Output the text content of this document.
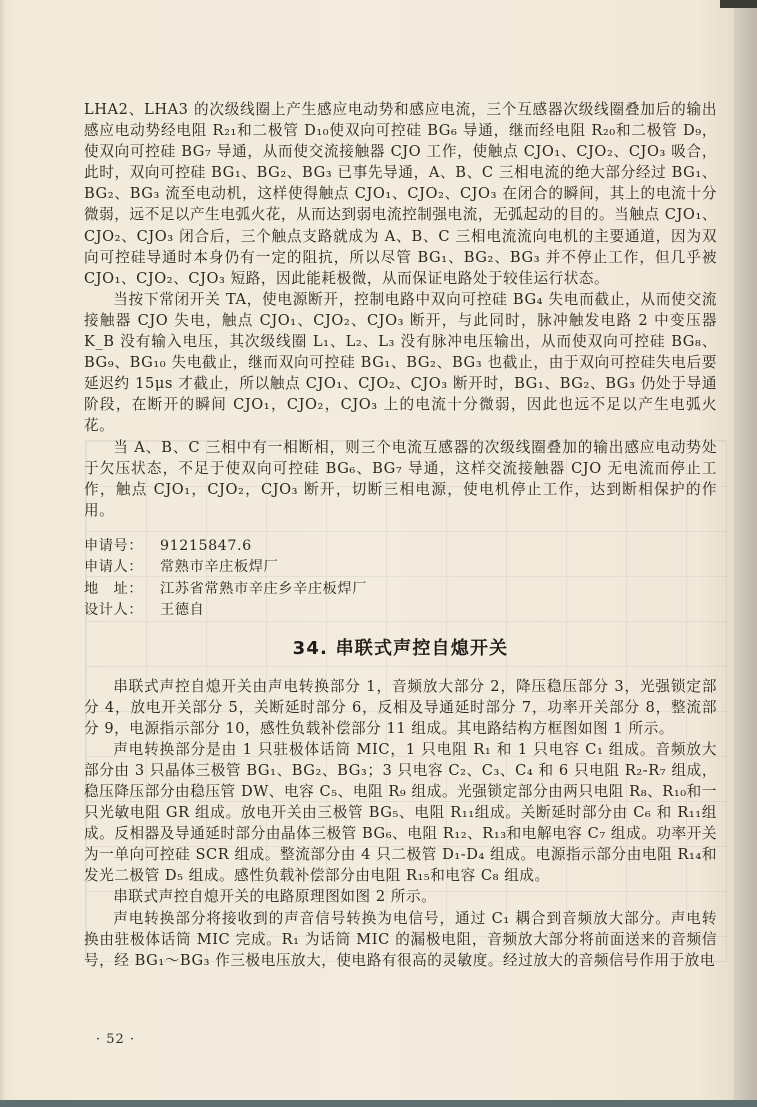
LHA2、LHA3 的次级线圈上产生感应电动势和感应电流，三个互感器次级线圈叠加后的输出感应电动势经电阻 R₂₁和二极管 D₁₀使双向可控硅 BG₆ 导通，继而经电阻 R₂₀和二极管 D₉，使双向可控硅 BG₇ 导通，从而使交流接触器 CJO 工作，使触点 CJO₁、CJO₂、CJO₃ 吸合，此时，双向可控硅 BG₁、BG₂、BG₃ 已事先导通，A、B、C 三相电流的绝大部分经过 BG₁、BG₂、BG₃ 流至电动机，这样使得触点 CJO₁、CJO₂、CJO₃ 在闭合的瞬间，其上的电流十分微弱，远不足以产生电弧火花，从而达到弱电流控制强电流，无弧起动的目的。当触点 CJO₁、CJO₂、CJO₃ 闭合后，三个触点支路就成为 A、B、C 三相电流流向电机的主要通道，因为双向可控硅导通时本身仍有一定的阻抗，所以尽管 BG₁、BG₂、BG₃ 并不停止工作，但几乎被 CJO₁、CJO₂、CJO₃ 短路，因此能耗极微，从而保证电路处于较佳运行状态。

当按下常闭开关 TA，使电源断开，控制电路中双向可控硅 BG₄ 失电而截止，从而使交流接触器 CJO 失电，触点 CJO₁、CJO₂、CJO₃ 断开，与此同时，脉冲触发电路 2 中变压器 K_B 没有输入电压，其次级线圈 L₁、L₂、L₃ 没有脉冲电压输出，从而使双向可控硅 BG₈、BG₉、BG₁₀ 失电截止，继而双向可控硅 BG₁、BG₂、BG₃ 也截止，由于双向可控硅失电后要延迟约 15μs 才截止，所以触点 CJO₁、CJO₂、CJO₃ 断开时，BG₁、BG₂、BG₃ 仍处于导通阶段，在断开的瞬间 CJO₁，CJO₂，CJO₃ 上的电流十分微弱，因此也远不足以产生电弧火花。

当 A、B、C 三相中有一相断相，则三个电流互感器的次级线圈叠加的输出感应电动势处于欠压状态，不足于使双向可控硅 BG₆、BG₇ 导通，这样交流接触器 CJO 无电流而停止工作，触点 CJO₁，CJO₂，CJO₃ 断开，切断三相电源，使电机停止工作，达到断相保护的作用。

申请号：	91215847.6
申请人：	常熟市辛庄板焊厂
地　址：	江苏省常熟市辛庄乡辛庄板焊厂
设计人：	王德自
34. 串联式声控自熄开关

串联式声控自熄开关由声电转换部分 1，音频放大部分 2，降压稳压部分 3，光强锁定部分 4，放电开关部分 5，关断延时部分 6，反相及导通延时部分 7，功率开关部分 8，整流部分 9，电源指示部分 10，感性负载补偿部分 11 组成。其电路结构方框图如图 1 所示。

声电转换部分是由 1 只驻极体话筒 MIC，1 只电阻 R₁ 和 1 只电容 C₁ 组成。音频放大部分由 3 只晶体三极管 BG₁、BG₂、BG₃；3 只电容 C₂、C₃、C₄ 和 6 只电阻 R₂-R₇ 组成，稳压降压部分由稳压管 DW、电容 C₅、电阻 R₉ 组成。光强锁定部分由两只电阻 R₈、R₁₀和一只光敏电阻 GR 组成。放电开关由三极管 BG₅、电阻 R₁₁组成。关断延时部分由 C₆ 和 R₁₁组成。反相器及导通延时部分由晶体三极管 BG₆、电阻 R₁₂、R₁₃和电解电容 C₇ 组成。功率开关为一单向可控硅 SCR 组成。整流部分由 4 只二极管 D₁-D₄ 组成。电源指示部分由电阻 R₁₄和发光二极管 D₅ 组成。感性负载补偿部分由电阻 R₁₅和电容 C₈ 组成。

串联式声控自熄开关的电路原理图如图 2 所示。

声电转换部分将接收到的声音信号转换为电信号，通过 C₁ 耦合到音频放大部分。声电转换由驻极体话筒 MIC 完成。R₁ 为话筒 MIC 的漏极电阻，音频放大部分将前面送来的音频信号，经 BG₁～BG₃ 作三极电压放大，使电路有很高的灵敏度。经过放大的音频信号作用于放电

· 52 ·
